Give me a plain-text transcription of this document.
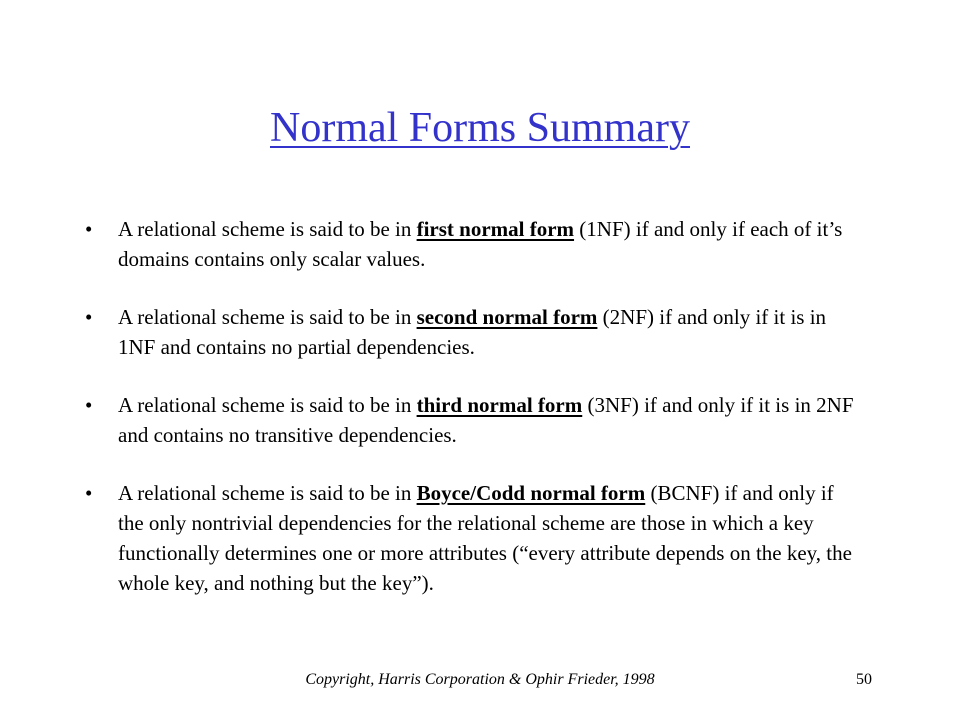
Normal Forms Summary
• A relational scheme is said to be in first normal form (1NF) if and only if each of it’s domains contains only scalar values.
• A relational scheme is said to be in second normal form (2NF) if and only if it is in 1NF and contains no partial dependencies.
• A relational scheme is said to be in third normal form (3NF) if and only if it is in 2NF and contains no transitive dependencies.
• A relational scheme is said to be in Boyce/Codd normal form (BCNF) if and only if the only nontrivial dependencies for the relational scheme are those in which a key functionally determines one or more attributes (“every attribute depends on the key, the whole key, and nothing but the key”).
Copyright, Harris Corporation & Ophir Frieder, 1998	50
